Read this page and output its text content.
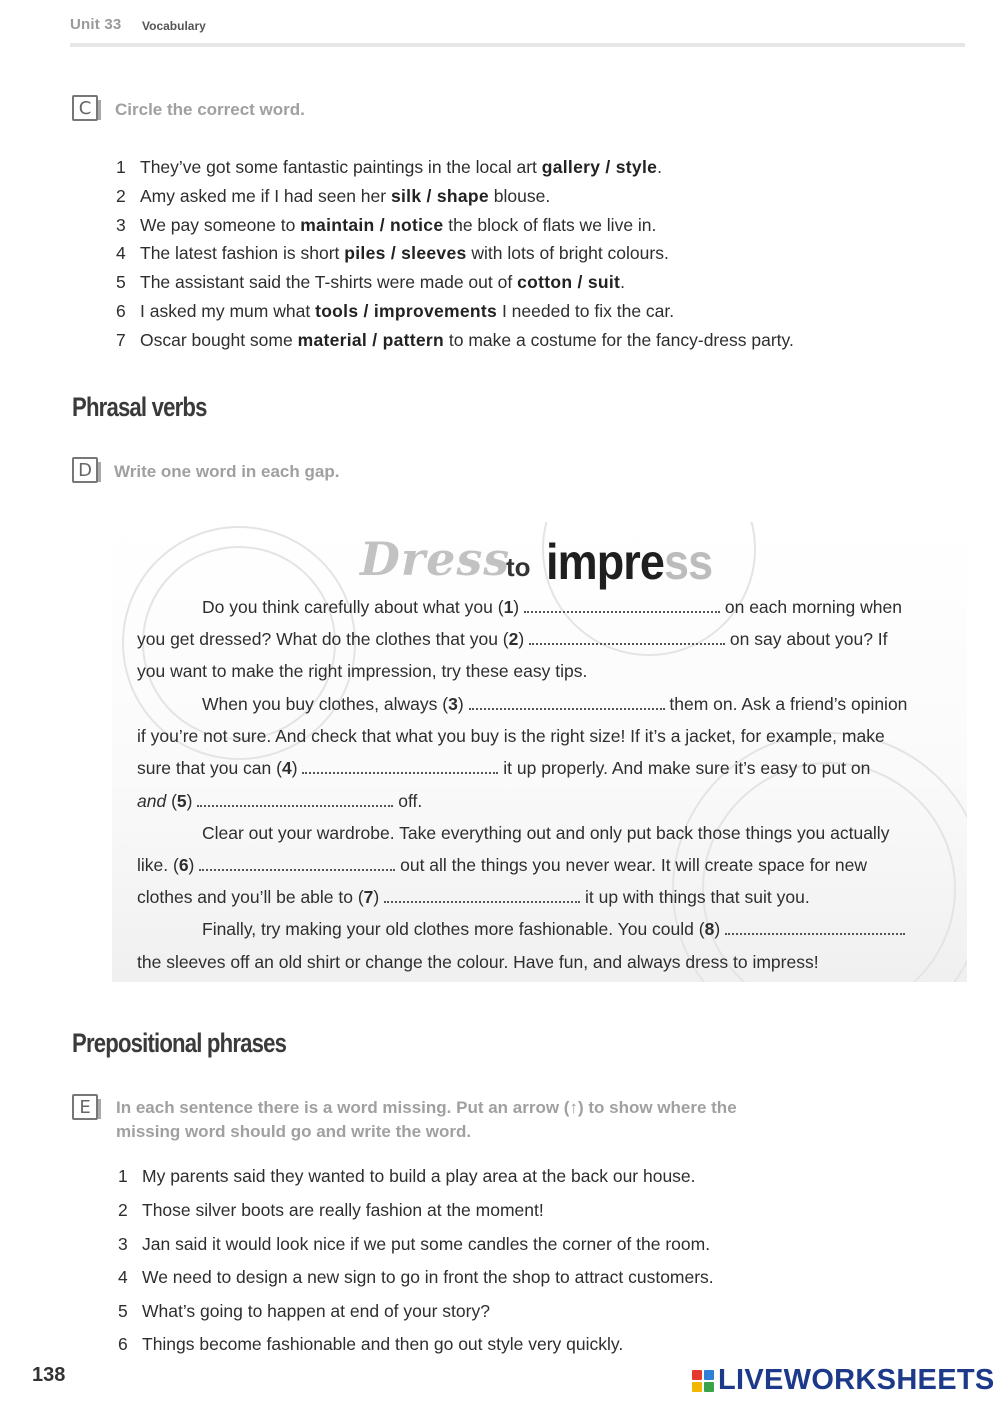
Unit 33 Vocabulary
C	Circle the correct word.
1 They’ve got some fantastic paintings in the local art gallery / style.
2 Amy asked me if I had seen her silk / shape blouse.
3 We pay someone to maintain / notice the block of flats we live in.
4 The latest fashion is short piles / sleeves with lots of bright colours.
5 The assistant said the T-shirts were made out of cotton / suit.
6 I asked my mum what tools / improvements I needed to fix the car.
7 Oscar bought some material / pattern to make a costume for the fancy-dress party.
Phrasal verbs
D	Write one word in each gap.
Dress
to impress
Do you think carefully about what you (1)	on each morning when
you get dressed? What do the clothes that you (2)	on say about you? If
you want to make the right impression, try these easy tips.
When you buy clothes, always (3)	them on. Ask a friend’s opinion
if you’re not sure. And check that what you buy is the right size! If it’s a jacket, for example, make
sure that you can (4)	it up properly. And make sure it’s easy to put on
and (5)	off.
Clear out your wardrobe. Take everything out and only put back those things you actually
like. (6)	out all the things you never wear. It will create space for new
clothes and you’ll be able to (7)	it up with things that suit you.
Finally, try making your old clothes more fashionable. You could (8)
the sleeves off an old shirt or change the colour. Have fun, and always dress to impress!
Prepositional phrases
E	In each sentence there is a word missing. Put an arrow (↑) to show where the
missing word should go and write the word.
1 My parents said they wanted to build a play area at the back our house.
2 Those silver boots are really fashion at the moment!
3 Jan said it would look nice if we put some candles the corner of the room.
4 We need to design a new sign to go in front the shop to attract customers.
5 What’s going to happen at end of your story?
6 Things become fashionable and then go out style very quickly.
138	LIVEWORKSHEETS
